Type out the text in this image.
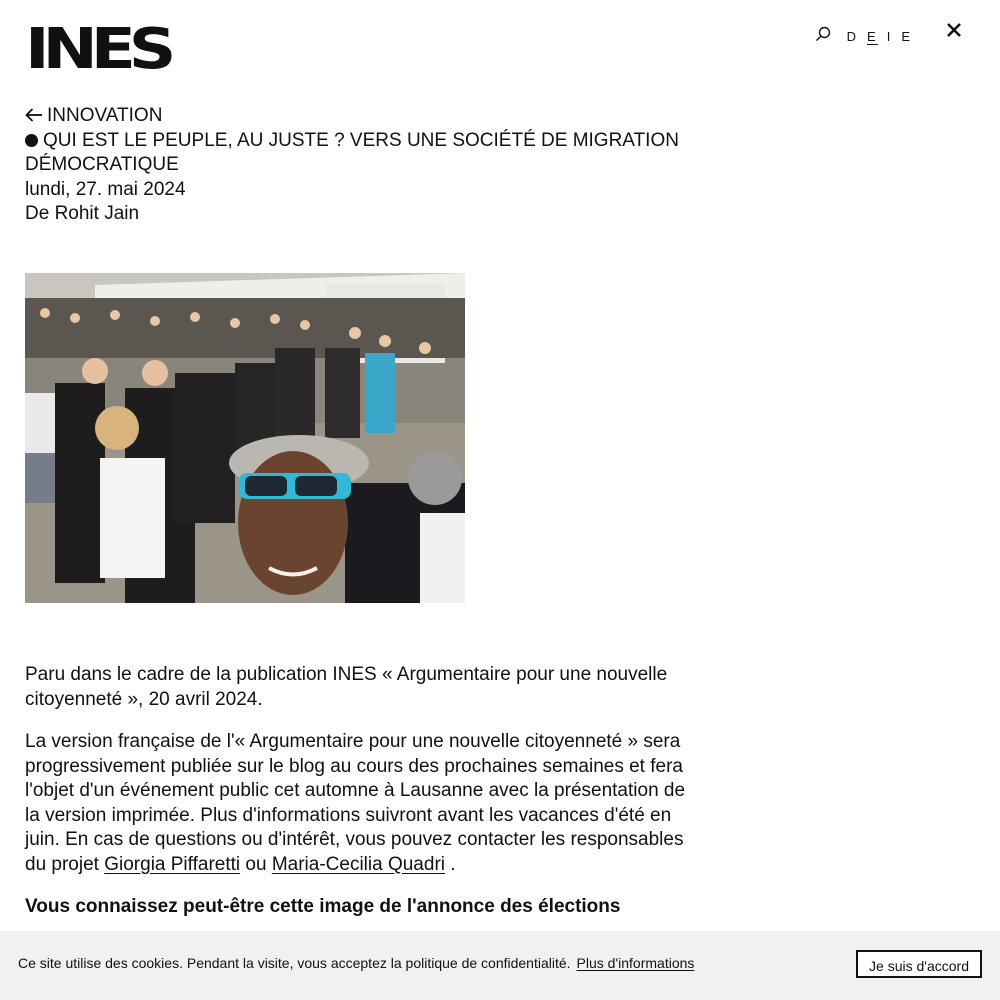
INES	D E I E
INNOVATION
QUI EST LE PEUPLE, AU JUSTE ? VERS UNE SOCIÉTÉ DE MIGRATION DÉMOCRATIQUE
lundi, 27. mai 2024
De Rohit Jain

Paru dans le cadre de la publication INES « Argumentaire pour une nouvelle citoyenneté », 20 avril 2024.

La version française de l'« Argumentaire pour une nouvelle citoyenneté » sera progressivement publiée sur le blog au cours des prochaines semaines et fera l'objet d'un événement public cet automne à Lausanne avec la présentation de la version imprimée. Plus d'informations suivront avant les vacances d'été en juin. En cas de questions ou d'intérêt, vous pouvez contacter les responsables du projet Giorgia Piffaretti ou Maria-Cecilia Quadri .

Vous connaissez peut-être cette image de l'annonce des élections

Ce site utilise des cookies. Pendant la visite, vous acceptez la politique de confidentialité. Plus d'informations	Je suis d'accord
